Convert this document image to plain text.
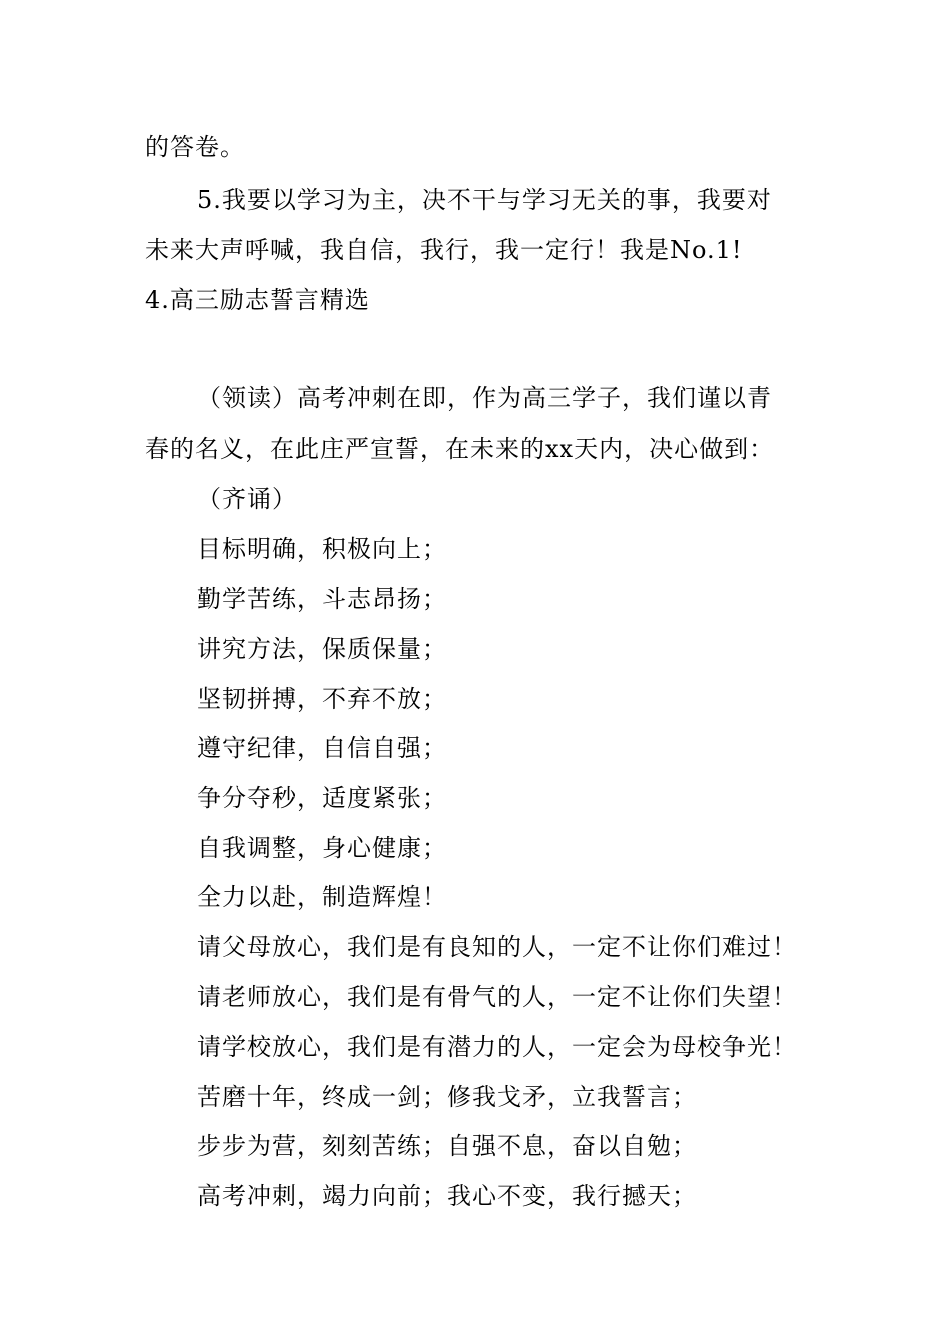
的答卷。
5.我要以学习为主，决不干与学习无关的事，我要对
未来大声呼喊，我自信，我行，我一定行！我是No.1!
4.高三励志誓言精选
（领读）高考冲刺在即，作为高三学子，我们谨以青
春的名义，在此庄严宣誓，在未来的xx天内，决心做到：
（齐诵）
目标明确，积极向上；
勤学苦练，斗志昂扬；
讲究方法，保质保量；
坚韧拼搏，不弃不放；
遵守纪律，自信自强；
争分夺秒，适度紧张；
自我调整，身心健康；
全力以赴，制造辉煌！
请父母放心，我们是有良知的人，一定不让你们难过！
请老师放心，我们是有骨气的人，一定不让你们失望！
请学校放心，我们是有潜力的人，一定会为母校争光！
苦磨十年，终成一剑；修我戈矛，立我誓言；
步步为营，刻刻苦练；自强不息，奋以自勉；
高考冲刺，竭力向前；我心不变，我行撼天；
